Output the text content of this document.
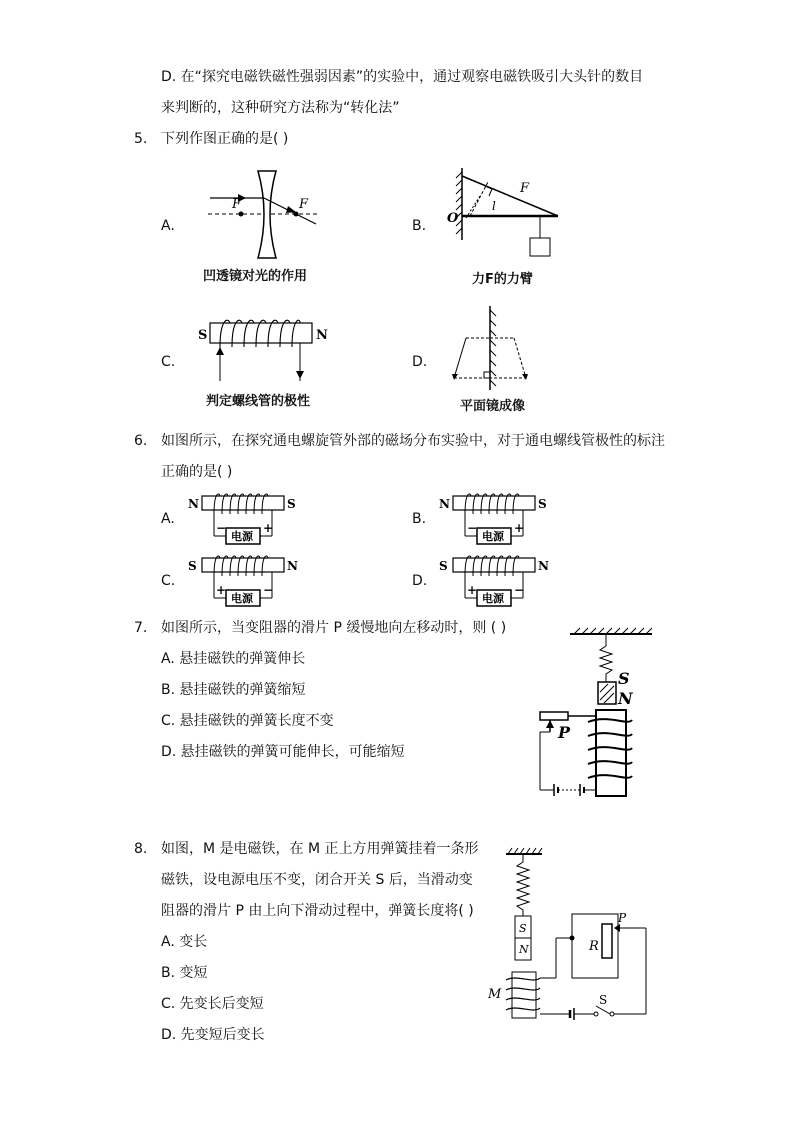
D. 在“探究电磁铁磁性强弱因素”的实验中，通过观察电磁铁吸引大头针的数目
来判断的，这种研究方法称为“转化法”
5. 下列作图正确的是( )
A.
F	F
凹透镜对光的作用
B. O
F
l
力F的力臂
C.
S	N
判定螺线管的极性
D.
平面镜成像
6. 如图所示，在探究通电螺旋管外部的磁场分布实验中，对于通电螺线管极性的标注
正确的是( )
A.
电源
N	S
−	+
B.
电源
N	S
−	+
C.
电源
S	N
+	−
D.
电源
S	N
+	−
7. 如图所示，当变阻器的滑片 P 缓慢地向左移动时，则 ( )
A. 悬挂磁铁的弹簧伸长
B. 悬挂磁铁的弹簧缩短
C. 悬挂磁铁的弹簧长度不变
D. 悬挂磁铁的弹簧可能伸长，可能缩短
S
N
P
8. 如图，M 是电磁铁，在 M 正上方用弹簧挂着一条形
磁铁，设电源电压不变，闭合开关 S 后，当滑动变
阻器的滑片 P 由上向下滑动过程中，弹簧长度将( )
A. 变长
B. 变短
C. 先变长后变短
D. 先变短后变长
S
N
M
R
P
S
